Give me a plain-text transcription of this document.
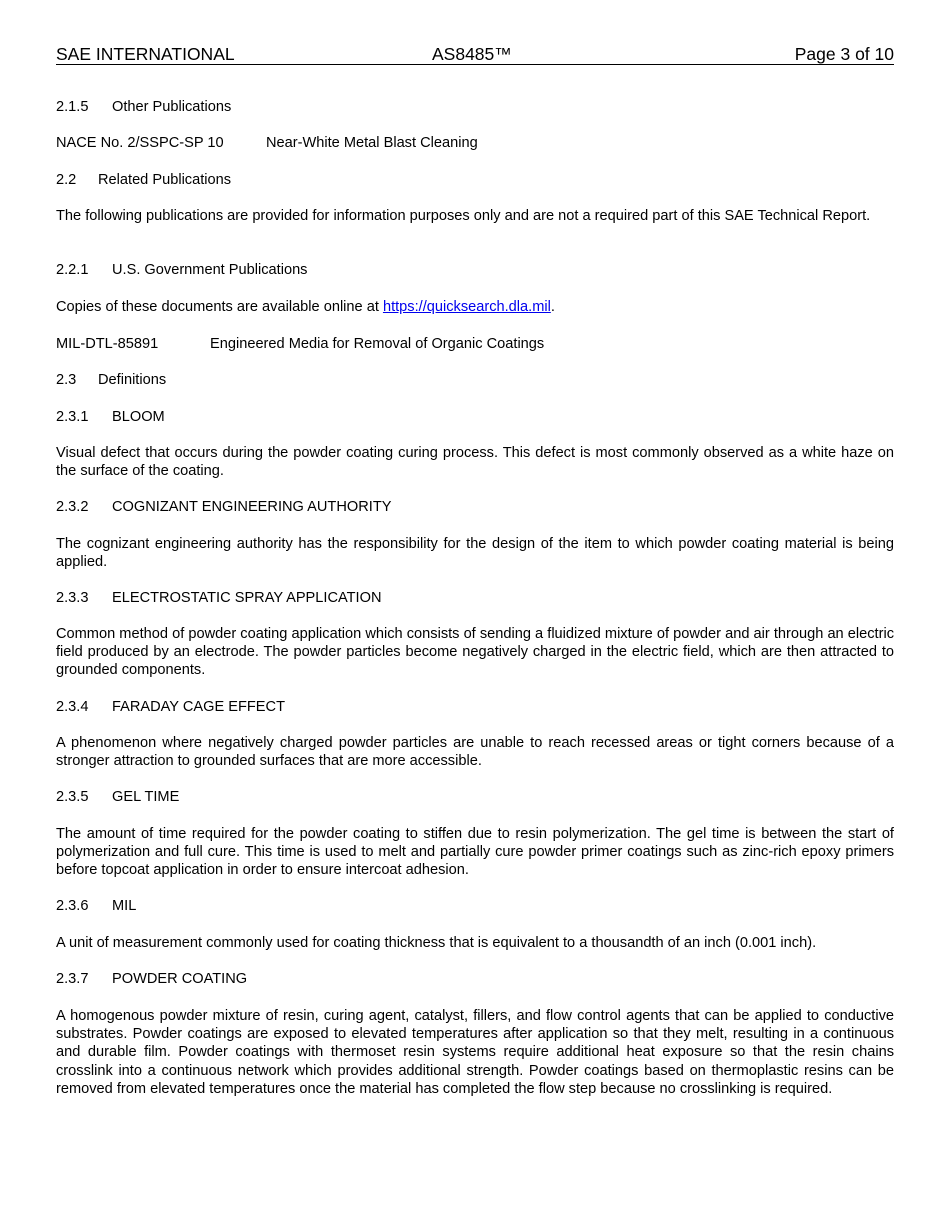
SAE INTERNATIONAL	AS8485™	Page 3 of 10
2.1.5 Other Publications
NACE No. 2/SSPC-SP 10	Near-White Metal Blast Cleaning
2.2 Related Publications
The following publications are provided for information purposes only and are not a required part of this SAE Technical Report.
2.2.1 U.S. Government Publications
Copies of these documents are available online at https://quicksearch.dla.mil.
MIL-DTL-85891	Engineered Media for Removal of Organic Coatings
2.3 Definitions
2.3.1 BLOOM
Visual defect that occurs during the powder coating curing process. This defect is most commonly observed as a white haze on the surface of the coating.
2.3.2 COGNIZANT ENGINEERING AUTHORITY
The cognizant engineering authority has the responsibility for the design of the item to which powder coating material is being applied.
2.3.3 ELECTROSTATIC SPRAY APPLICATION
Common method of powder coating application which consists of sending a fluidized mixture of powder and air through an electric field produced by an electrode. The powder particles become negatively charged in the electric field, which are then attracted to grounded components.
2.3.4 FARADAY CAGE EFFECT
A phenomenon where negatively charged powder particles are unable to reach recessed areas or tight corners because of a stronger attraction to grounded surfaces that are more accessible.
2.3.5 GEL TIME
The amount of time required for the powder coating to stiffen due to resin polymerization. The gel time is between the start of polymerization and full cure. This time is used to melt and partially cure powder primer coatings such as zinc-rich epoxy primers before topcoat application in order to ensure intercoat adhesion.
2.3.6 MIL
A unit of measurement commonly used for coating thickness that is equivalent to a thousandth of an inch (0.001 inch).
2.3.7 POWDER COATING
A homogenous powder mixture of resin, curing agent, catalyst, fillers, and flow control agents that can be applied to conductive substrates. Powder coatings are exposed to elevated temperatures after application so that they melt, resulting in a continuous and durable film. Powder coatings with thermoset resin systems require additional heat exposure so that the resin chains crosslink into a continuous network which provides additional strength. Powder coatings based on thermoplastic resins can be removed from elevated temperatures once the material has completed the flow step because no crosslinking is required.
